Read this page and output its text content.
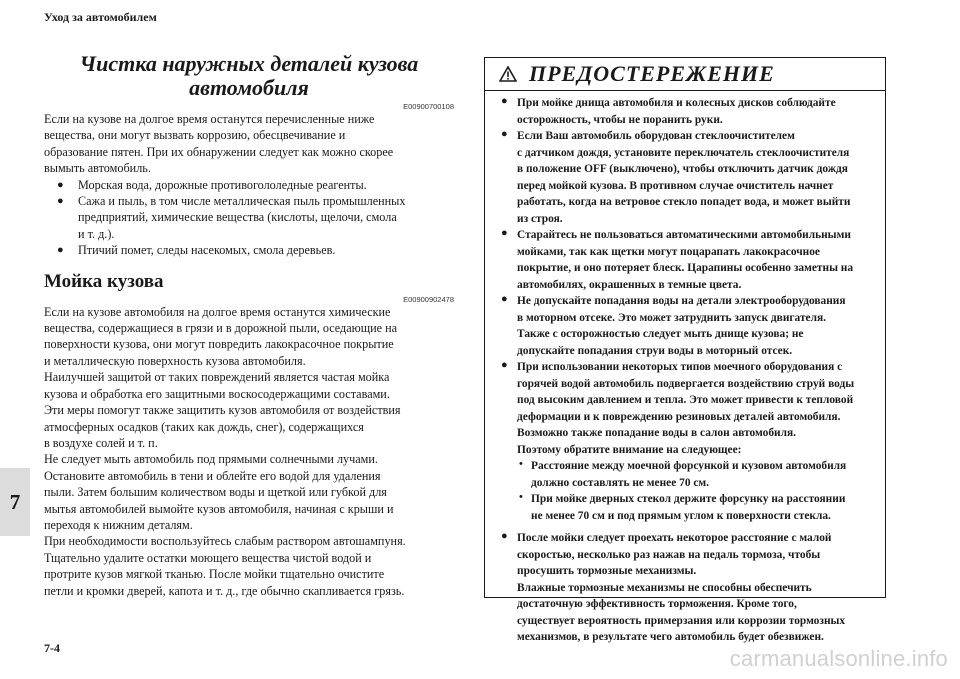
Уход за автомобилем
Чистка наружных деталей кузова
автомобиля
E00900700108

Если на кузове на долгое время останутся перечисленные ниже
вещества, они могут вызвать коррозию, обесцвечивание и
образование пятен. При их обнаружении следует как можно скорее
вымыть автомобиль.

● Морская вода, дорожные противогололедные реагенты.
● Сажа и пыль, в том числе металлическая пыль промышленных
предприятий, химические вещества (кислоты, щелочи, смола
и т. д.).
● Птичий помет, следы насекомых, смола деревьев.
Мойка кузова
E00900902478

Если на кузове автомобиля на долгое время останутся химические
вещества, содержащиеся в грязи и в дорожной пыли, оседающие на
поверхности кузова, они могут повредить лакокрасочное покрытие
и металлическую поверхность кузова автомобиля.
Наилучшей защитой от таких повреждений является частая мойка
кузова и обработка его защитными воскосодержащими составами.
Эти меры помогут также защитить кузов автомобиля от воздействия
атмосферных осадков (таких как дождь, снег), содержащихся
в воздухе солей и т. п.
Не следует мыть автомобиль под прямыми солнечными лучами.
Остановите автомобиль в тени и облейте его водой для удаления
пыли. Затем большим количеством воды и щеткой или губкой для
мытья автомобилей вымойте кузов автомобиля, начиная с крыши и
переходя к нижним деталям.
При необходимости воспользуйтесь слабым раствором автошампуня.
Тщательно удалите остатки моющего вещества чистой водой и
протрите кузов мягкой тканью. После мойки тщательно очистите
петли и кромки дверей, капота и т. д., где обычно скапливается грязь.

ПРЕДОСТЕРЕЖЕНИЕ
● При мойке днища автомобиля и колесных дисков соблюдайте
осторожность, чтобы не поранить руки.
● Если Ваш автомобиль оборудован стеклоочистителем
с датчиком дождя, установите переключатель стеклоочистителя
в положение OFF (выключено), чтобы отключить датчик дождя
перед мойкой кузова. В противном случае очиститель начнет
работать, когда на ветровое стекло попадет вода, и может выйти
из строя.
● Старайтесь не пользоваться автоматическими автомобильными
мойками, так как щетки могут поцарапать лакокрасочное
покрытие, и оно потеряет блеск. Царапины особенно заметны на
автомобилях, окрашенных в темные цвета.
● Не допускайте попадания воды на детали электрооборудования
в моторном отсеке. Это может затруднить запуск двигателя.
Также с осторожностью следует мыть днище кузова; не
допускайте попадания струи воды в моторный отсек.
● При использовании некоторых типов моечного оборудования с
горячей водой автомобиль подвергается воздействию струй воды
под высоким давлением и тепла. Это может привести к тепловой
деформации и к повреждению резиновых деталей автомобиля.
Возможно также попадание воды в салон автомобиля.
Поэтому обратите внимание на следующее:
• Расстояние между моечной форсункой и кузовом автомобиля
должно составлять не менее 70 см.
• При мойке дверных стекол держите форсунку на расстоянии
не менее 70 см и под прямым углом к поверхности стекла.
● После мойки следует проехать некоторое расстояние с малой
скоростью, несколько раз нажав на педаль тормоза, чтобы
просушить тормозные механизмы.
Влажные тормозные механизмы не способны обеспечить
достаточную эффективность торможения. Кроме того,
существует вероятность примерзания или коррозии тормозных
механизмов, в результате чего автомобиль будет обезвижен.
7
7-4	carmanualsonline.info
